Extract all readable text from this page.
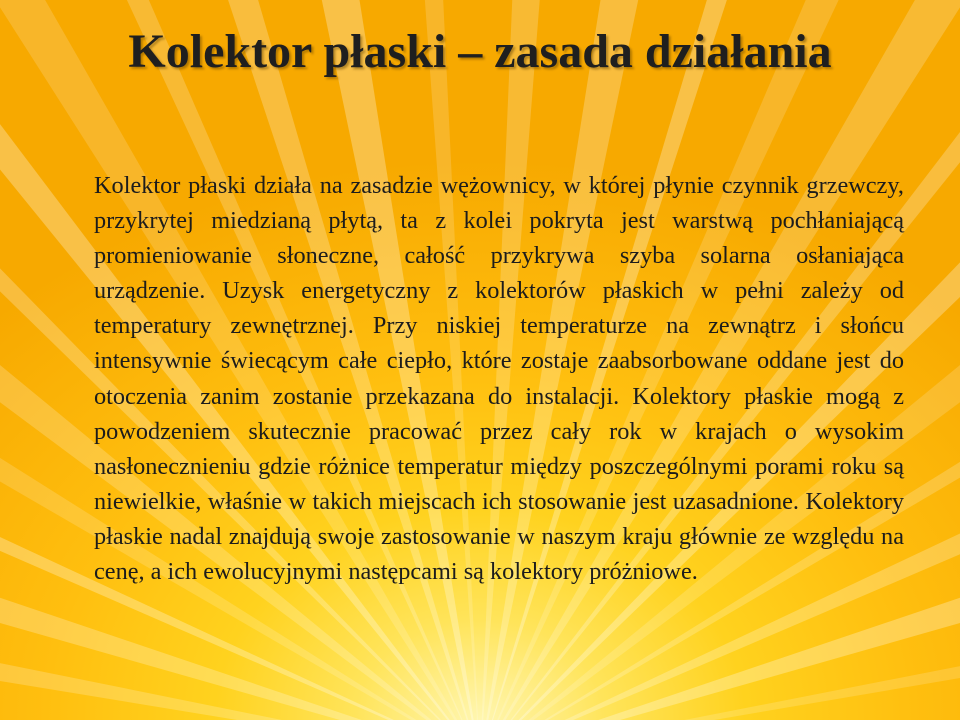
Kolektor płaski – zasada działania

Kolektor płaski działa na zasadzie wężownicy, w której płynie czynnik grzewczy, przykrytej miedzianą płytą, ta z kolei pokryta jest warstwą pochłaniającą promieniowanie słoneczne, całość przykrywa szyba solarna osłaniająca urządzenie. Uzysk energetyczny z kolektorów płaskich w pełni zależy od temperatury zewnętrznej. Przy niskiej temperaturze na zewnątrz i słońcu intensywnie świecącym całe ciepło, które zostaje zaabsorbowane oddane jest do otoczenia zanim zostanie przekazana do instalacji. Kolektory płaskie mogą z powodzeniem skutecznie pracować przez cały rok w krajach o wysokim nasłonecznieniu gdzie różnice temperatur między poszczególnymi porami roku są niewielkie, właśnie w takich miejscach ich stosowanie jest uzasadnione. Kolektory płaskie nadal znajdują swoje zastosowanie w naszym kraju głównie ze względu na cenę, a ich ewolucyjnymi następcami są kolektory próżniowe.
